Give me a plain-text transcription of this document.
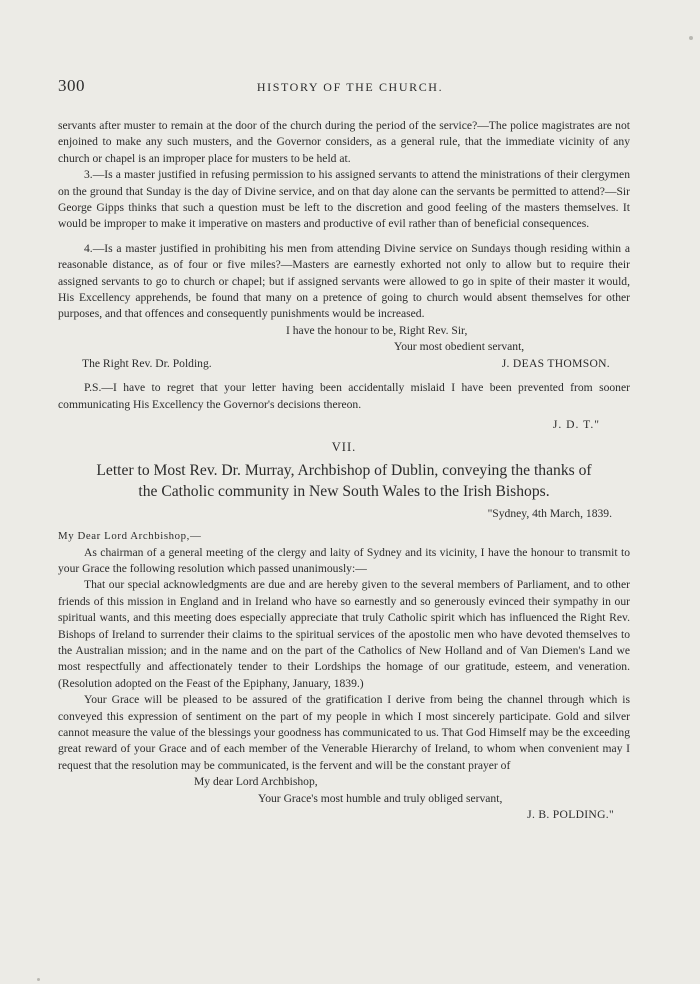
300	HISTORY OF THE CHURCH.

servants after muster to remain at the door of the church during the period of the service?—The police magistrates are not enjoined to make any such musters, and the Governor considers, as a general rule, that the immediate vicinity of any church or chapel is an improper place for musters to be held at.

3.—Is a master justified in refusing permission to his assigned servants to attend the ministrations of their clergymen on the ground that Sunday is the day of Divine service, and on that day alone can the servants be permitted to attend?—Sir George Gipps thinks that such a question must be left to the discretion and good feeling of the masters themselves. It would be improper to make it imperative on masters and productive of evil rather than of beneficial consequences.

4.—Is a master justified in prohibiting his men from attending Divine service on Sundays though residing within a reasonable distance, as of four or five miles?—Masters are earnestly exhorted not only to allow but to require their assigned servants to go to church or chapel; but if assigned servants were allowed to go in spite of their master it would, His Excellency apprehends, be found that many on a pretence of going to church would absent themselves for other purposes, and that offences and consequently punishments would be increased.

I have the honour to be, Right Rev. Sir,
Your most obedient servant,
The Right Rev. Dr. Polding.	J. DEAS THOMSON.

P.S.—I have to regret that your letter having been accidentally mislaid I have been prevented from sooner communicating His Excellency the Governor's decisions thereon.

J. D. T."
VII.
Letter to Most Rev. Dr. Murray, Archbishop of Dublin, conveying the thanks of
the Catholic community in New South Wales to the Irish Bishops.
"Sydney, 4th March, 1839.
My Dear Lord Archbishop,—

As chairman of a general meeting of the clergy and laity of Sydney and its vicinity, I have the honour to transmit to your Grace the following resolution which passed unanimously:—

That our special acknowledgments are due and are hereby given to the several members of Parliament, and to other friends of this mission in England and in Ireland who have so earnestly and so generously evinced their sympathy in our spiritual wants, and this meeting does especially appreciate that truly Catholic spirit which has influenced the Right Rev. Bishops of Ireland to surrender their claims to the spiritual services of the apostolic men who have devoted themselves to the Australian mission; and in the name and on the part of the Catholics of New Holland and of Van Diemen's Land we most respectfully and affectionately tender to their Lordships the homage of our gratitude, esteem, and veneration. (Resolution adopted on the Feast of the Epiphany, January, 1839.)

Your Grace will be pleased to be assured of the gratification I derive from being the channel through which is conveyed this expression of sentiment on the part of my people in which I most sincerely participate. Gold and silver cannot measure the value of the blessings your goodness has communicated to us. That God Himself may be the exceeding great reward of your Grace and of each member of the Venerable Hierarchy of Ireland, to whom when convenient may I request that the resolution may be communicated, is the fervent and will be the constant prayer of

My dear Lord Archbishop,
Your Grace's most humble and truly obliged servant,
J. B. POLDING."
